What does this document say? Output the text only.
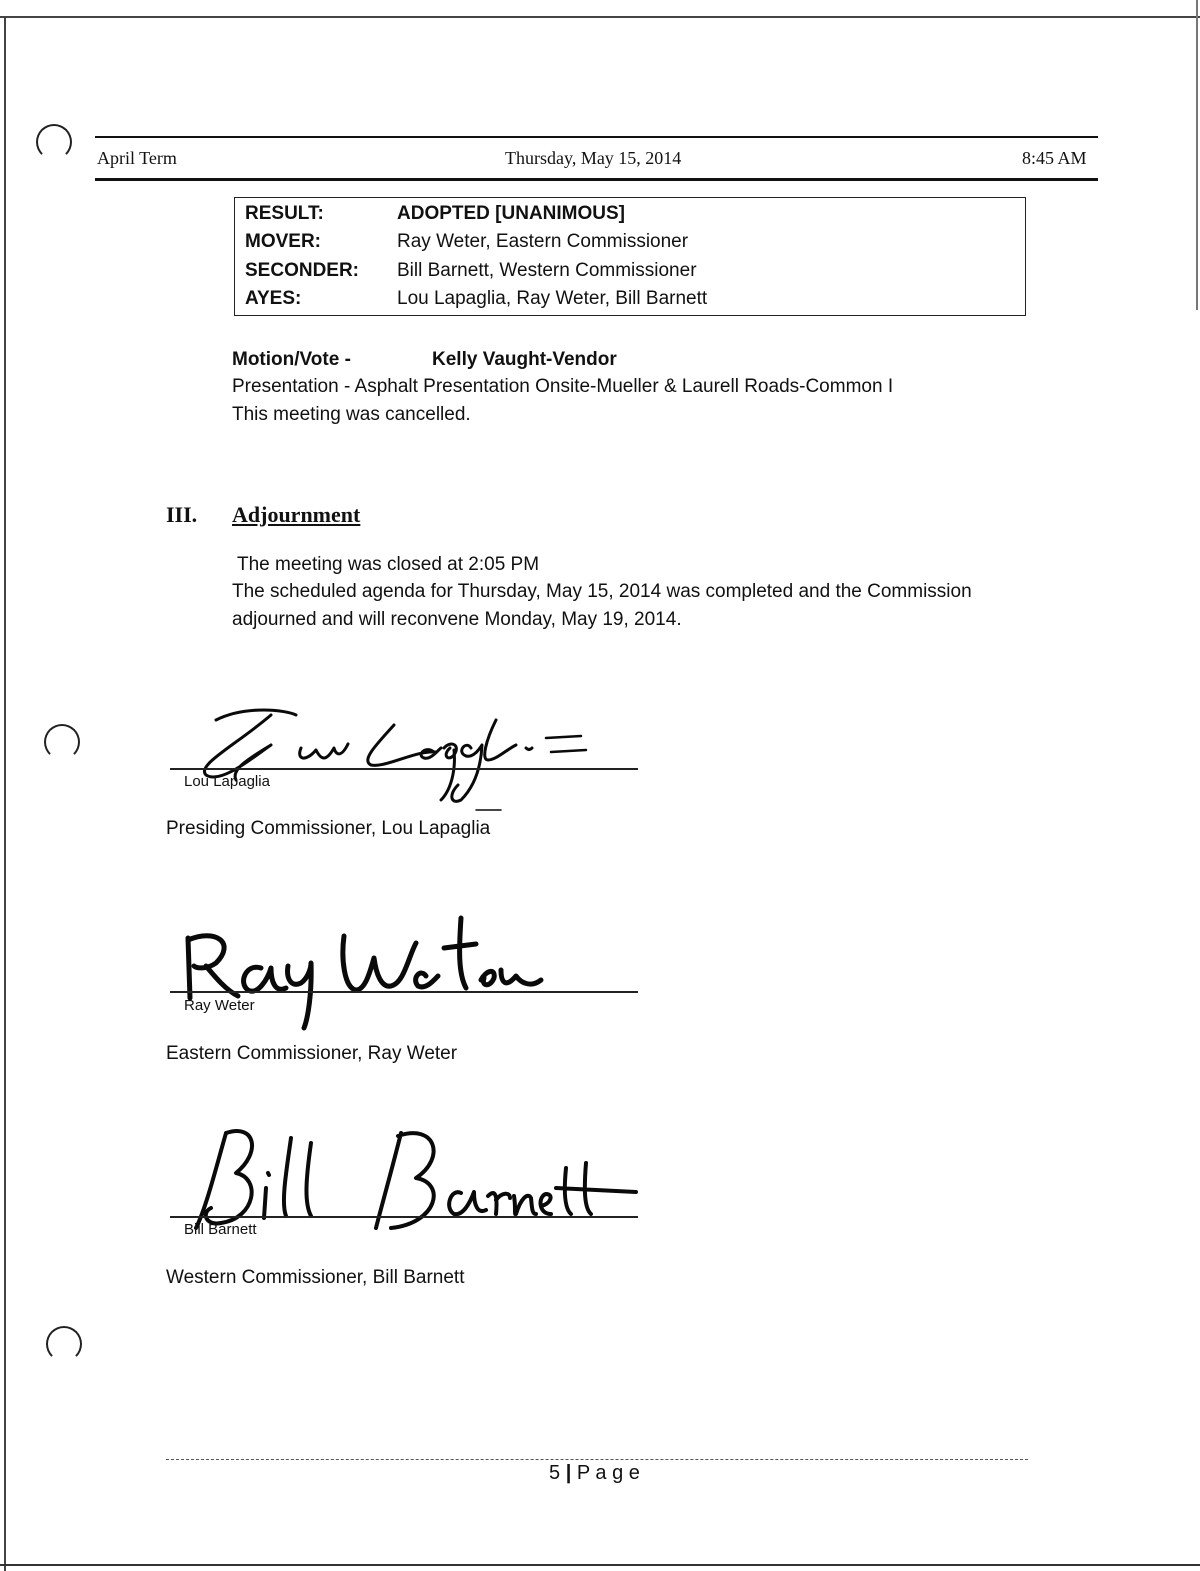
April Term	Thursday, May 15, 2014	8:45 AM
RESULT:	ADOPTED [UNANIMOUS]
MOVER:	Ray Weter, Eastern Commissioner
SECONDER: Bill Barnett, Western Commissioner
AYES:	Lou Lapaglia, Ray Weter, Bill Barnett
Motion/Vote -	Kelly Vaught-Vendor
Presentation - Asphalt Presentation Onsite-Mueller & Laurell Roads-Common I
This meeting was cancelled.
III. Adjournment
The meeting was closed at 2:05 PM
The scheduled agenda for Thursday, May 15, 2014 was completed and the Commission
adjourned and will reconvene Monday, May 19, 2014.
Lou Lapaglia
Presiding Commissioner, Lou Lapaglia
Ray Weter
Eastern Commissioner, Ray Weter
Bill Barnett
Western Commissioner, Bill Barnett
5 | P a g e
